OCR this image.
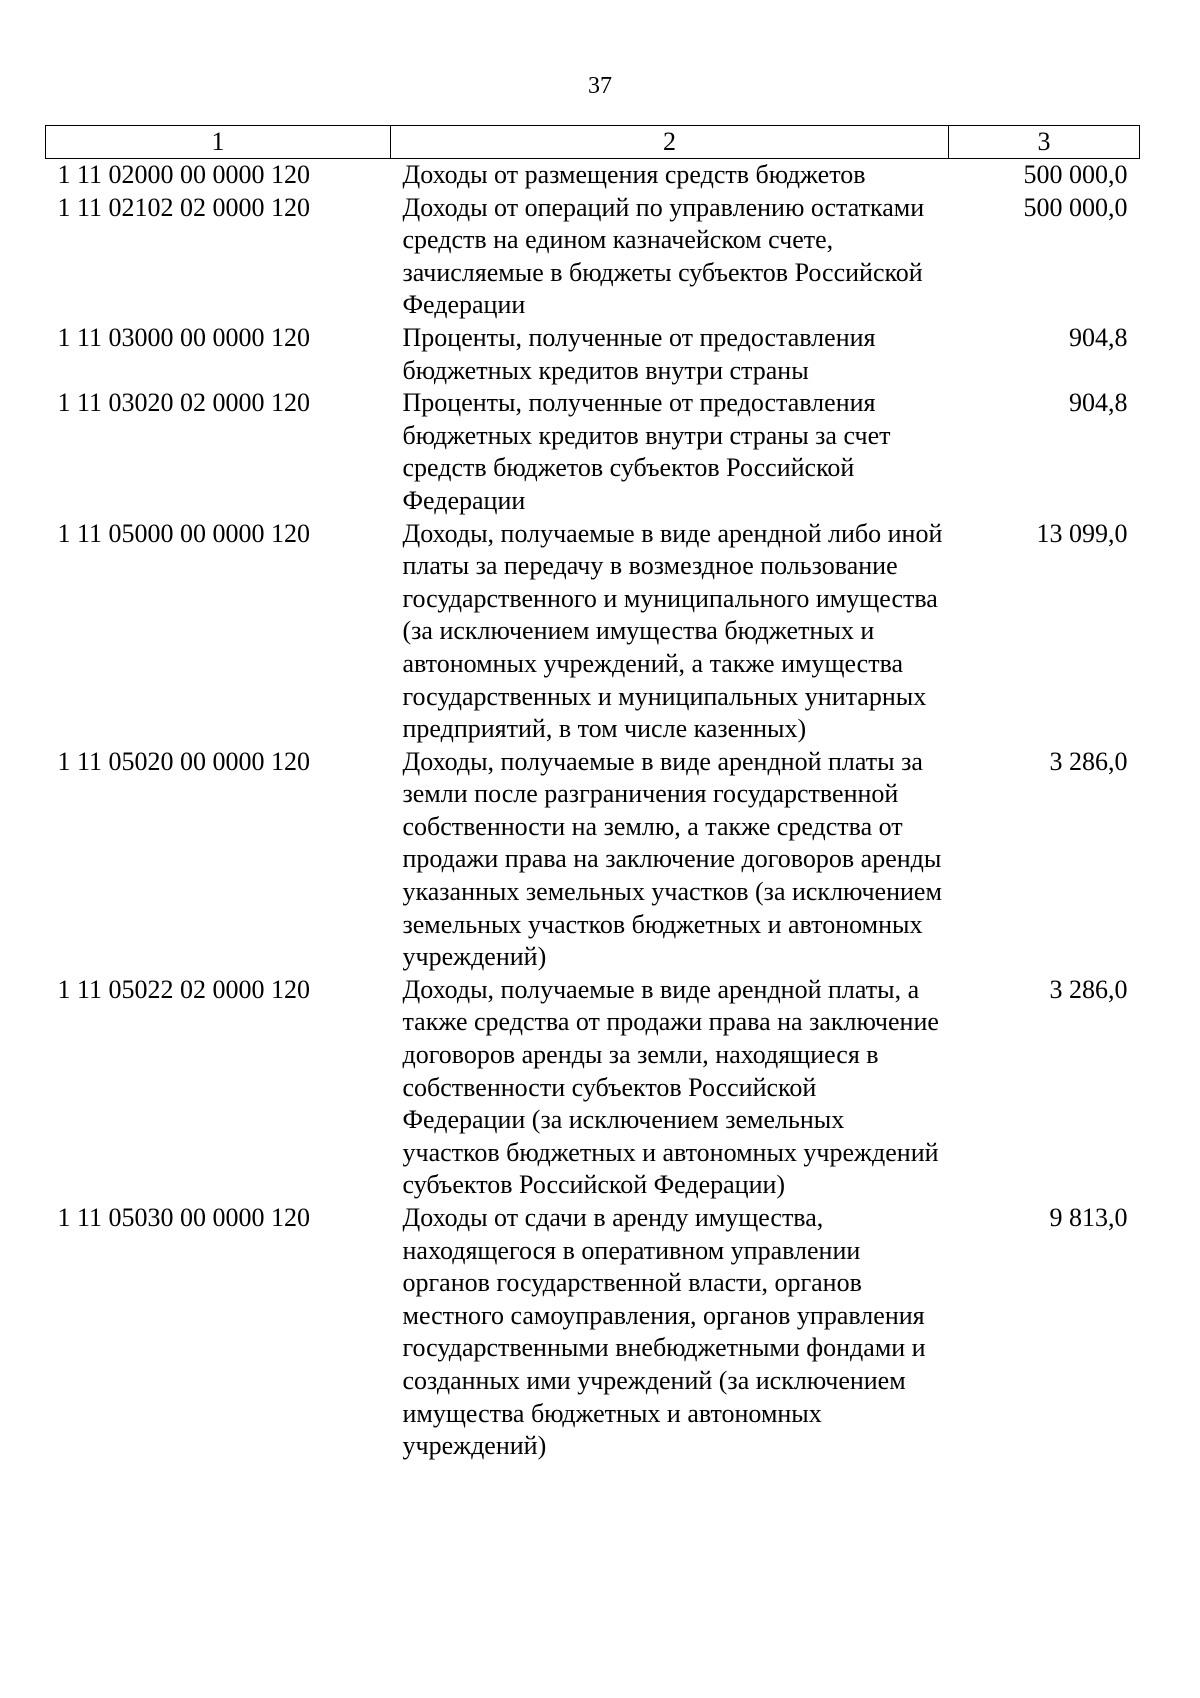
37
1	2	3
1 11 02000 00 0000 120	Доходы от размещения средств бюджетов	500 000,0
1 11 02102 02 0000 120	Доходы от операций по управлению остатками средств на едином казначейском счете, зачисляемые в бюджеты субъектов Российской Федерации	500 000,0
1 11 03000 00 0000 120	Проценты, полученные от предоставления бюджетных кредитов внутри страны	904,8
1 11 03020 02 0000 120	Проценты, полученные от предоставления бюджетных кредитов внутри страны за счет средств бюджетов субъектов Российской Федерации	904,8
1 11 05000 00 0000 120	Доходы, получаемые в виде арендной либо иной платы за передачу в возмездное пользование государственного и муниципального имущества (за исключением имущества бюджетных и автономных учреждений, а также имущества государственных и муниципальных унитарных предприятий, в том числе казенных)	13 099,0
1 11 05020 00 0000 120	Доходы, получаемые в виде арендной платы за земли после разграничения государственной собственности на землю, а также средства от продажи права на заключение договоров аренды указанных земельных участков (за исключением земельных участков бюджетных и автономных учреждений)	3 286,0
1 11 05022 02 0000 120	Доходы, получаемые в виде арендной платы, а также средства от продажи права на заключение договоров аренды за земли, находящиеся в собственности субъектов Российской Федерации (за исключением земельных участков бюджетных и автономных учреждений субъектов Российской Федерации)	3 286,0
1 11 05030 00 0000 120	Доходы от сдачи в аренду имущества, находящегося в оперативном управлении органов государственной власти, органов местного самоуправления, органов управления государственными внебюджетными фондами и созданных ими учреждений (за исключением имущества бюджетных и автономных учреждений)	9 813,0
